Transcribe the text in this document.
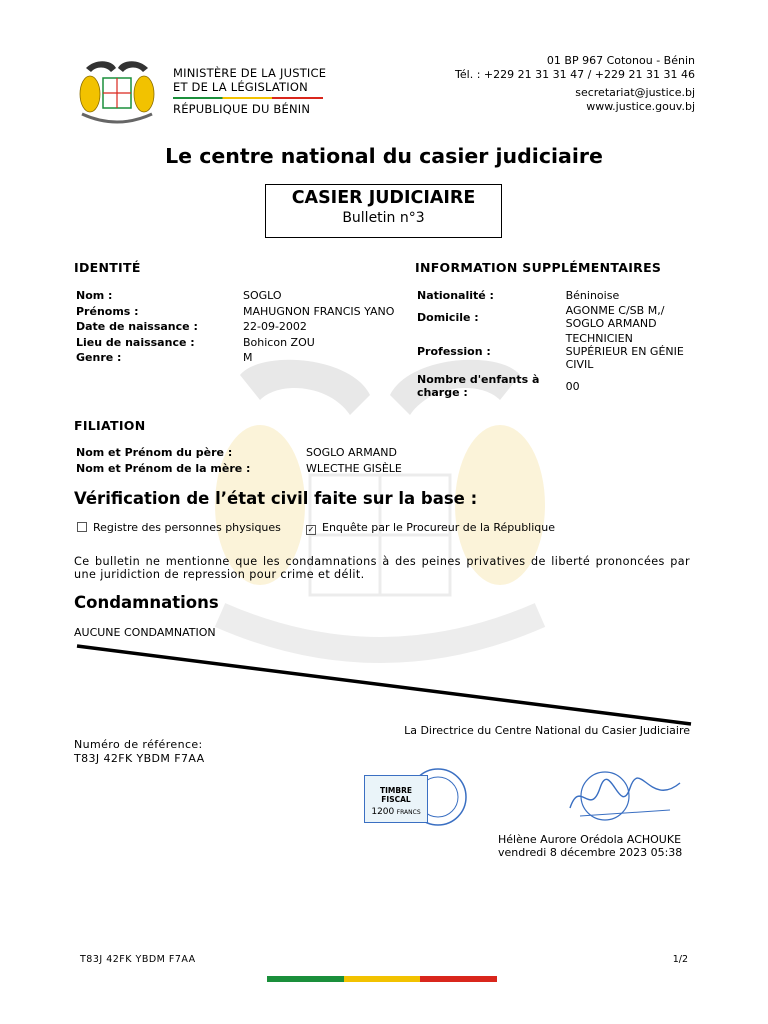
MINISTÈRE DE LA JUSTICE
ET DE LA LÉGISLATION
RÉPUBLIQUE DU BÉNIN
01 BP 967 Cotonou - Bénin
Tél. : +229 21 31 31 47 / +229 21 31 31 46
secretariat@justice.bj
www.justice.gouv.bj
Le centre national du casier judiciaire
CASIER JUDICIAIRE
Bulletin n°3
IDENTITÉ
Nom :	SOGLO
Prénoms :	MAHUGNON FRANCIS YANO
Date de naissance :	22-09-2002
Lieu de naissance :	Bohicon ZOU
Genre :	M
INFORMATION SUPPLÉMENTAIRES
Nationalité :	Béninoise
Domicile :	AGONME C/SB M,/ SOGLO ARMAND
Profession :	TECHNICIEN SUPÉRIEUR EN GÉNIE CIVIL
Nombre d'enfants à charge :	00
FILIATION
Nom et Prénom du père :	SOGLO ARMAND
Nom et Prénom de la mère :	WLECTHE GISÈLE
Vérification de l’état civil faite sur la base :
Registre des personnes physiques	✓ Enquête par le Procureur de la République
Ce bulletin ne mentionne que les condamnations à des peines privatives de liberté prononcées par une juridiction de repression pour crime et délit.
Condamnations
AUCUNE CONDAMNATION
La Directrice du Centre National du Casier Judiciaire
Numéro de référence:
T83J 42FK YBDM F7AA
TIMBRE FISCAL
1200 FRANCS
Hélène Aurore Orédola ACHOUKE
vendredi 8 décembre 2023 05:38
T83J 42FK YBDM F7AA	1/2
